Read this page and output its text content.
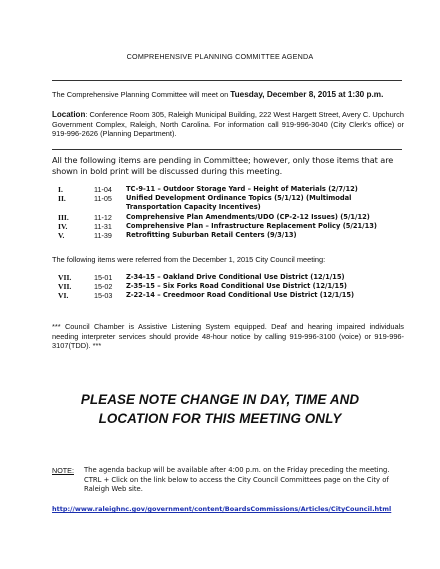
COMPREHENSIVE PLANNING COMMITTEE AGENDA
The Comprehensive Planning Committee will meet on Tuesday, December 8, 2015 at 1:30 p.m.
Location: Conference Room 305, Raleigh Municipal Building, 222 West Hargett Street, Avery C. Upchurch Government Complex, Raleigh, North Carolina. For information call 919-996-3040 (City Clerk's office) or 919-996-2626 (Planning Department).
All the following items are pending in Committee; however, only those items that are shown in bold print will be discussed during this meeting.
I.	11-04	TC-9-11 – Outdoor Storage Yard – Height of Materials (2/7/12)
II.	11-05	Unified Development Ordinance Topics (5/1/12) (Multimodal
Transportation Capacity Incentives)
III.	11-12	Comprehensive Plan Amendments/UDO (CP-2-12 Issues) (5/1/12)
IV.	11-31	Comprehensive Plan – Infrastructure Replacement Policy (5/21/13)
V.	11-39	Retrofitting Suburban Retail Centers (9/3/13)
The following items were referred from the December 1, 2015 City Council meeting:
VII.	15-01	Z-34-15 – Oakland Drive Conditional Use District (12/1/15)
VII.	15-02	Z-35-15 – Six Forks Road Conditional Use District (12/1/15)
VI.	15-03	Z-22-14 – Creedmoor Road Conditional Use District (12/1/15)
*** Council Chamber is Assistive Listening System equipped. Deaf and hearing impaired individuals needing interpreter services should provide 48-hour notice by calling 919-996-3100 (voice) or 919-996-3107(TDD). ***
PLEASE NOTE CHANGE IN DAY, TIME AND
LOCATION FOR THIS MEETING ONLY
NOTE: The agenda backup will be available after 4:00 p.m. on the Friday preceding the meeting. CTRL + Click on the link below to access the City Council Committees page on the City of Raleigh Web site.
http://www.raleighnc.gov/government/content/BoardsCommissions/Articles/CityCouncil.html
